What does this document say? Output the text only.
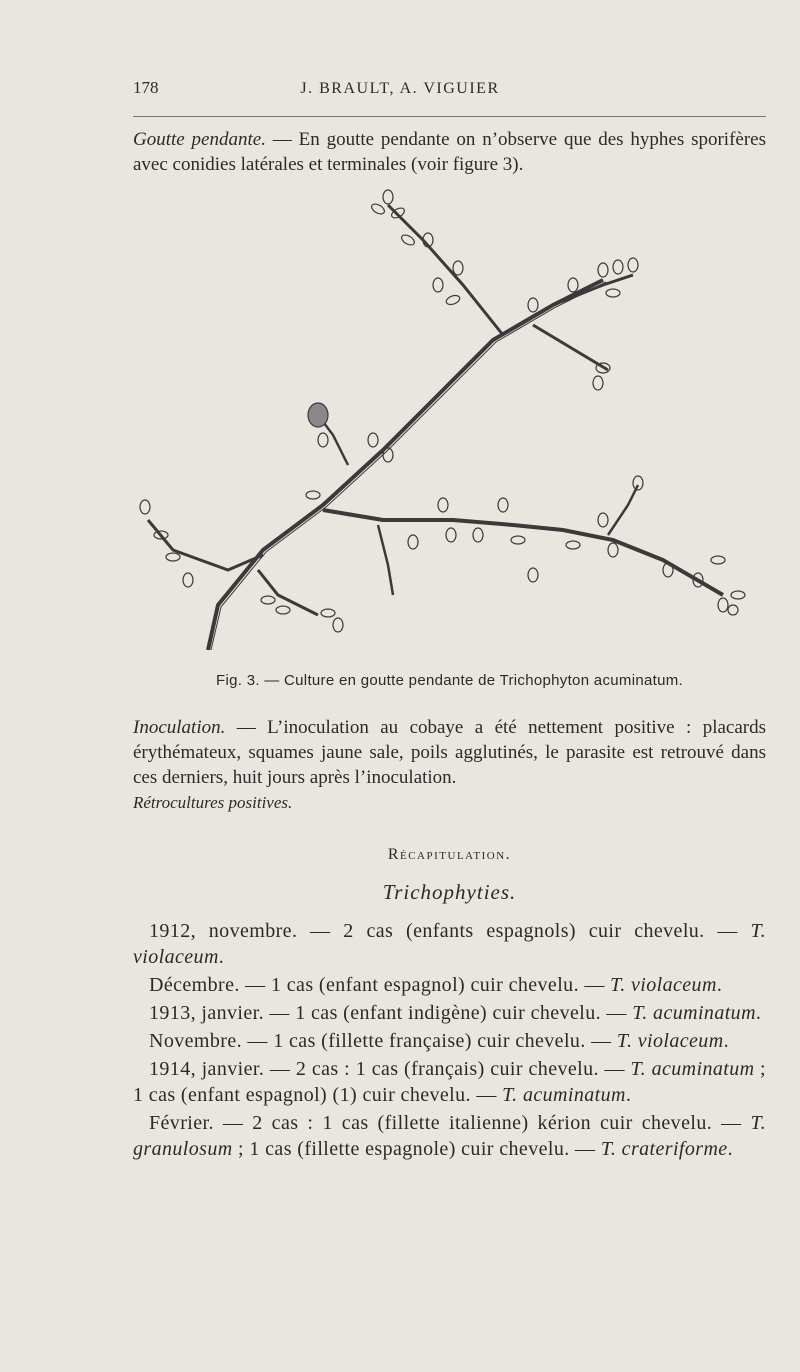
178	J. BRAULT, A. VIGUIER

Goutte pendante. — En goutte pendante on n’observe que des hyphes sporifères avec conidies latérales et terminales (voir figure 3).

Fig. 3. — Culture en goutte pendante de Trichophyton acuminatum.

Inoculation. — L’inoculation au cobaye a été nettement positive : placards érythémateux, squames jaune sale, poils agglutinés, le parasite est retrouvé dans ces derniers, huit jours après l’inoculation.

Rétrocultures positives.

Récapitulation.
Trichophyties.

1912, novembre. — 2 cas (enfants espagnols) cuir chevelu. — T. violaceum.

Décembre. — 1 cas (enfant espagnol) cuir chevelu. — T. violaceum.

1913, janvier. — 1 cas (enfant indigène) cuir chevelu. — T. acuminatum.

Novembre. — 1 cas (fillette française) cuir chevelu. — T. violaceum.

1914, janvier. — 2 cas : 1 cas (français) cuir chevelu. — T. acuminatum ; 1 cas (enfant espagnol) (1) cuir chevelu. — T. acuminatum.

Février. — 2 cas : 1 cas (fillette italienne) kérion cuir chevelu. — T. granulosum ; 1 cas (fillette espagnole) cuir chevelu. — T. crateriforme.
